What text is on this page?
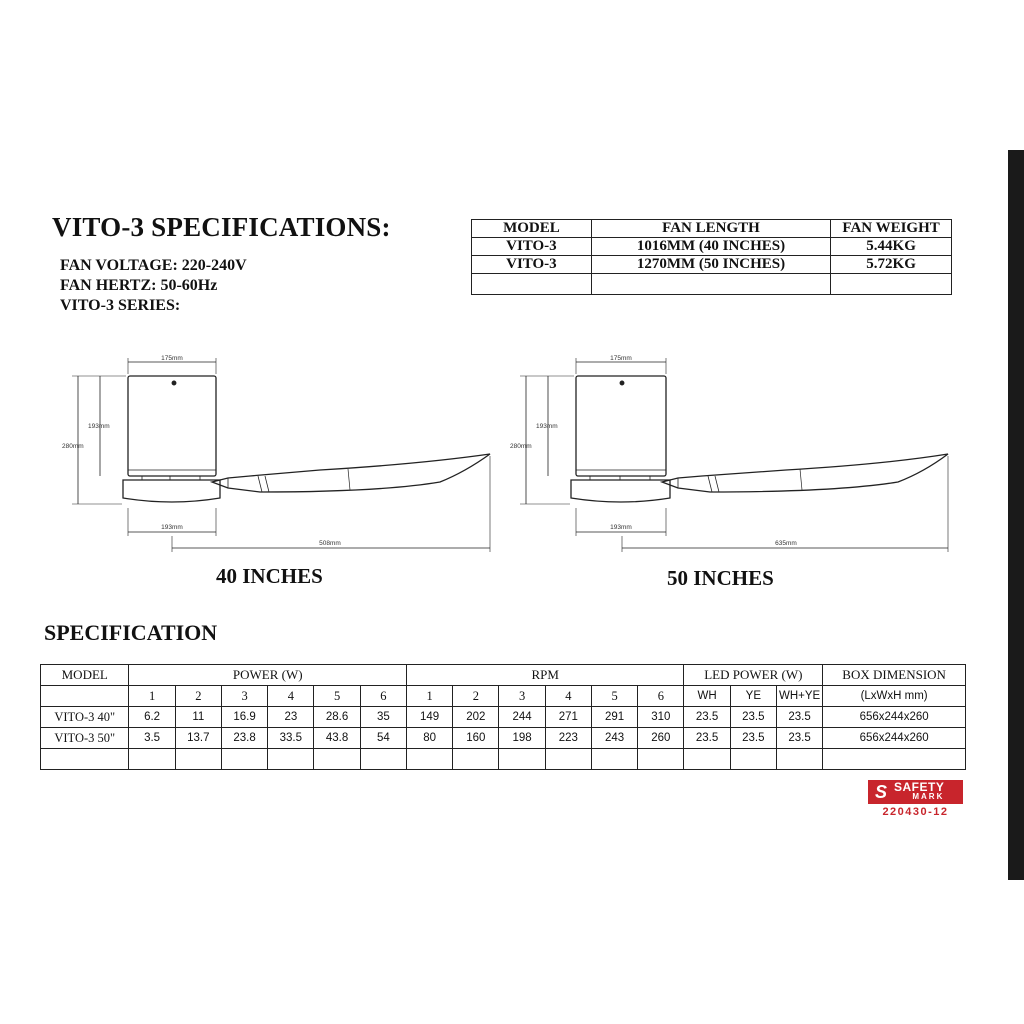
VITO-3 SPECIFICATIONS:

FAN VOLTAGE: 220-240V

FAN HERTZ: 50-60Hz

VITO-3 SERIES:

MODEL	FAN LENGTH	FAN WEIGHT
VITO-3	1016MM (40 INCHES)	5.44KG
VITO-3	1270MM (50 INCHES)	5.72KG

175mm
193mm
280mm
193mm
508mm

40 INCHES

175mm
193mm
280mm
193mm
635mm

50 INCHES

SPECIFICATION
MODEL	POWER (W)						RPM						LED POWER (W)			BOX DIMENSION
	1	2	3	4	5	6	1	2	3	4	5	6	WH	YE	WH+YE	(LxWxH mm)
VITO-3 40"	6.2	11	16.9	23	28.6	35	149	202	244	271	291	310	23.5	23.5	23.5	656x244x260
VITO-3 50"	3.5	13.7	23.8	33.5	43.8	54	80	160	198	223	243	260	23.5	23.5	23.5	656x244x260

S SAFETY
MARK
220430-12
